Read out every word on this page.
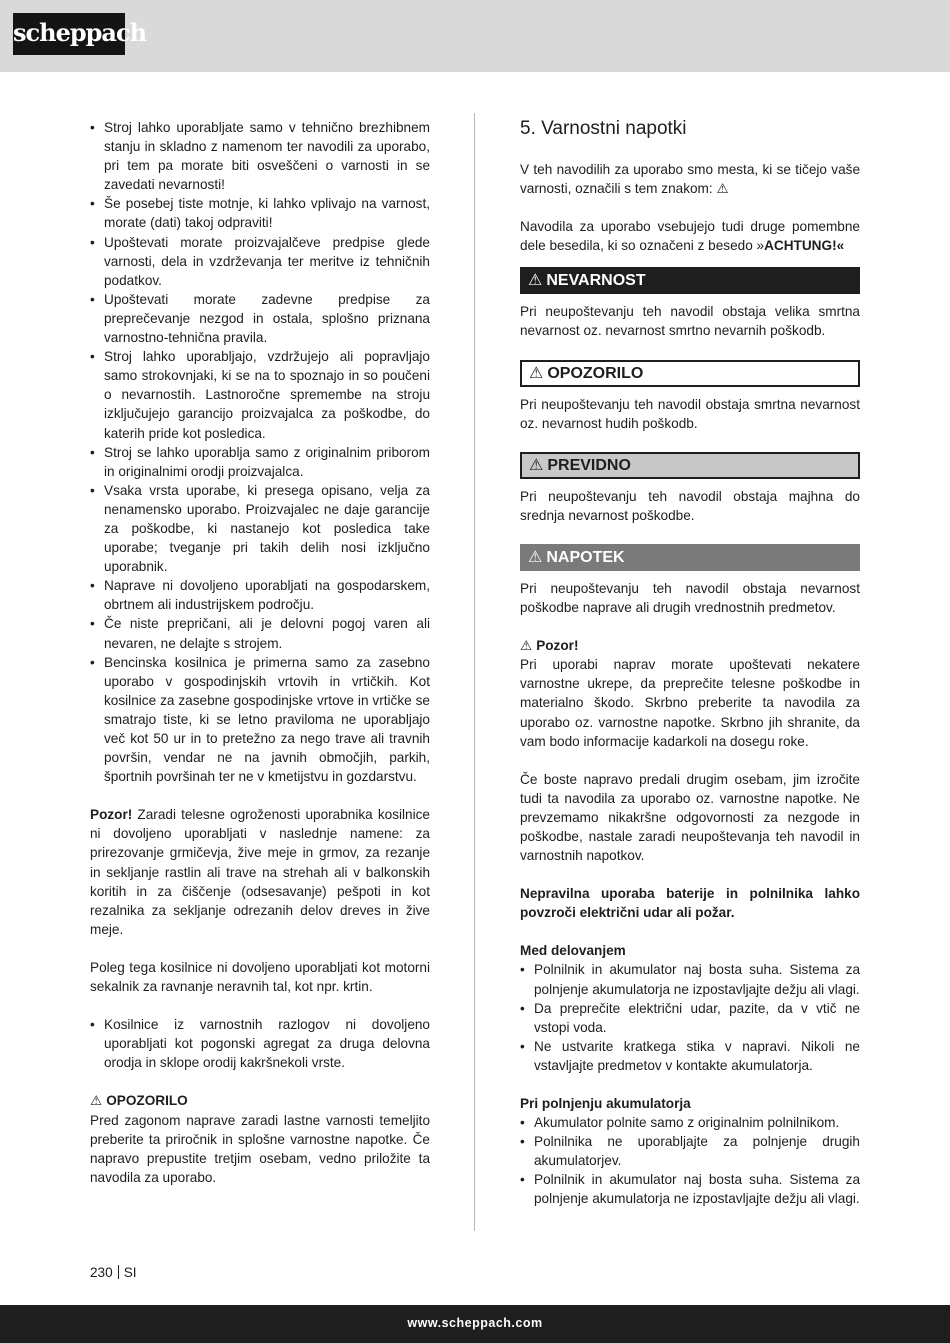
scheppach
• Stroj lahko uporabljate samo v tehnično brezhibnem stanju in skladno z namenom ter navodili za uporabo, pri tem pa morate biti osveščeni o varnosti in se zavedati nevarnosti!
• Še posebej tiste motnje, ki lahko vplivajo na varnost, morate (dati) takoj odpraviti!
• Upoštevati morate proizvajalčeve predpise glede varnosti, dela in vzdrževanja ter meritve iz tehničnih podatkov.
• Upoštevati morate zadevne predpise za preprečevanje nezgod in ostala, splošno priznana varnostno-tehnična pravila.
• Stroj lahko uporabljajo, vzdržujejo ali popravljajo samo strokovnjaki, ki se na to spoznajo in so poučeni o nevarnostih. Lastnoročne spremembe na stroju izključujejo garancijo proizvajalca za poškodbe, do katerih pride kot posledica.
• Stroj se lahko uporablja samo z originalnim priborom in originalnimi orodji proizvajalca.
• Vsaka vrsta uporabe, ki presega opisano, velja za nenamensko uporabo. Proizvajalec ne daje garancije za poškodbe, ki nastanejo kot posledica take uporabe; tveganje pri takih delih nosi izključno uporabnik.
• Naprave ni dovoljeno uporabljati na gospodarskem, obrtnem ali industrijskem področju.
• Če niste prepričani, ali je delovni pogoj varen ali nevaren, ne delajte s strojem.
• Bencinska kosilnica je primerna samo za zasebno uporabo v gospodinjskih vrtovih in vrtičkih. Kot kosilnice za zasebne gospodinjske vrtove in vrtičke se smatrajo tiste, ki se letno praviloma ne uporabljajo več kot 50 ur in to pretežno za nego trave ali travnih površin, vendar ne na javnih območjih, parkih, športnih površinah ter ne v kmetijstvu in gozdarstvu.

Pozor! Zaradi telesne ogroženosti uporabnika kosilnice ni dovoljeno uporabljati v naslednje namene: za prirezovanje grmičevja, žive meje in grmov, za rezanje in sekljanje rastlin ali trave na strehah ali v balkonskih koritih in za čiščenje (odsesavanje) pešpoti in kot rezalnika za sekljanje odrezanih delov dreves in žive meje.

Poleg tega kosilnice ni dovoljeno uporabljati kot motorni sekalnik za ravnanje neravnih tal, kot npr. krtin.

• Kosilnice iz varnostnih razlogov ni dovoljeno uporabljati kot pogonski agregat za druga delovna orodja in sklope orodij kakršnekoli vrste.

⚠ OPOZORILO

Pred zagonom naprave zaradi lastne varnosti temeljito preberite ta priročnik in splošne varnostne napotke. Če napravo prepustite tretjim osebam, vedno priložite ta navodila za uporabo.

5. Varnostni napotki

V teh navodilih za uporabo smo mesta, ki se tičejo vaše varnosti, označili s tem znakom: ⚠

Navodila za uporabo vsebujejo tudi druge pomembne dele besedila, ki so označeni z besedo »ACHTUNG!«

⚠ NEVARNOST

Pri neupoštevanju teh navodil obstaja velika smrtna nevarnost oz. nevarnost smrtno nevarnih poškodb.

⚠ OPOZORILO

Pri neupoštevanju teh navodil obstaja smrtna nevarnost oz. nevarnost hudih poškodb.

⚠ PREVIDNO

Pri neupoštevanju teh navodil obstaja majhna do srednja nevarnost poškodbe.

⚠ NAPOTEK

Pri neupoštevanju teh navodil obstaja nevarnost poškodbe naprave ali drugih vrednostnih predmetov.

⚠ Pozor!

Pri uporabi naprav morate upoštevati nekatere varnostne ukrepe, da preprečite telesne poškodbe in materialno škodo. Skrbno preberite ta navodila za uporabo oz. varnostne napotke. Skrbno jih shranite, da vam bodo informacije kadarkoli na dosegu roke.

Če boste napravo predali drugim osebam, jim izročite tudi ta navodila za uporabo oz. varnostne napotke. Ne prevzemamo nikakršne odgovornosti za nezgode in poškodbe, nastale zaradi neupoštevanja teh navodil in varnostnih napotkov.

Nepravilna uporaba baterije in polnilnika lahko povzroči električni udar ali požar.

Med delovanjem

• Polnilnik in akumulator naj bosta suha. Sistema za polnjenje akumulatorja ne izpostavljajte dežju ali vlagi.
• Da preprečite električni udar, pazite, da v vtič ne vstopi voda.
• Ne ustvarite kratkega stika v napravi. Nikoli ne vstavljajte predmetov v kontakte akumulatorja.

Pri polnjenju akumulatorja

• Akumulator polnite samo z originalnim polnilnikom.
• Polnilnika ne uporabljajte za polnjenje drugih akumulatorjev.
• Polnilnik in akumulator naj bosta suha. Sistema za polnjenje akumulatorja ne izpostavljajte dežju ali vlagi.
230 SI
www.scheppach.com
